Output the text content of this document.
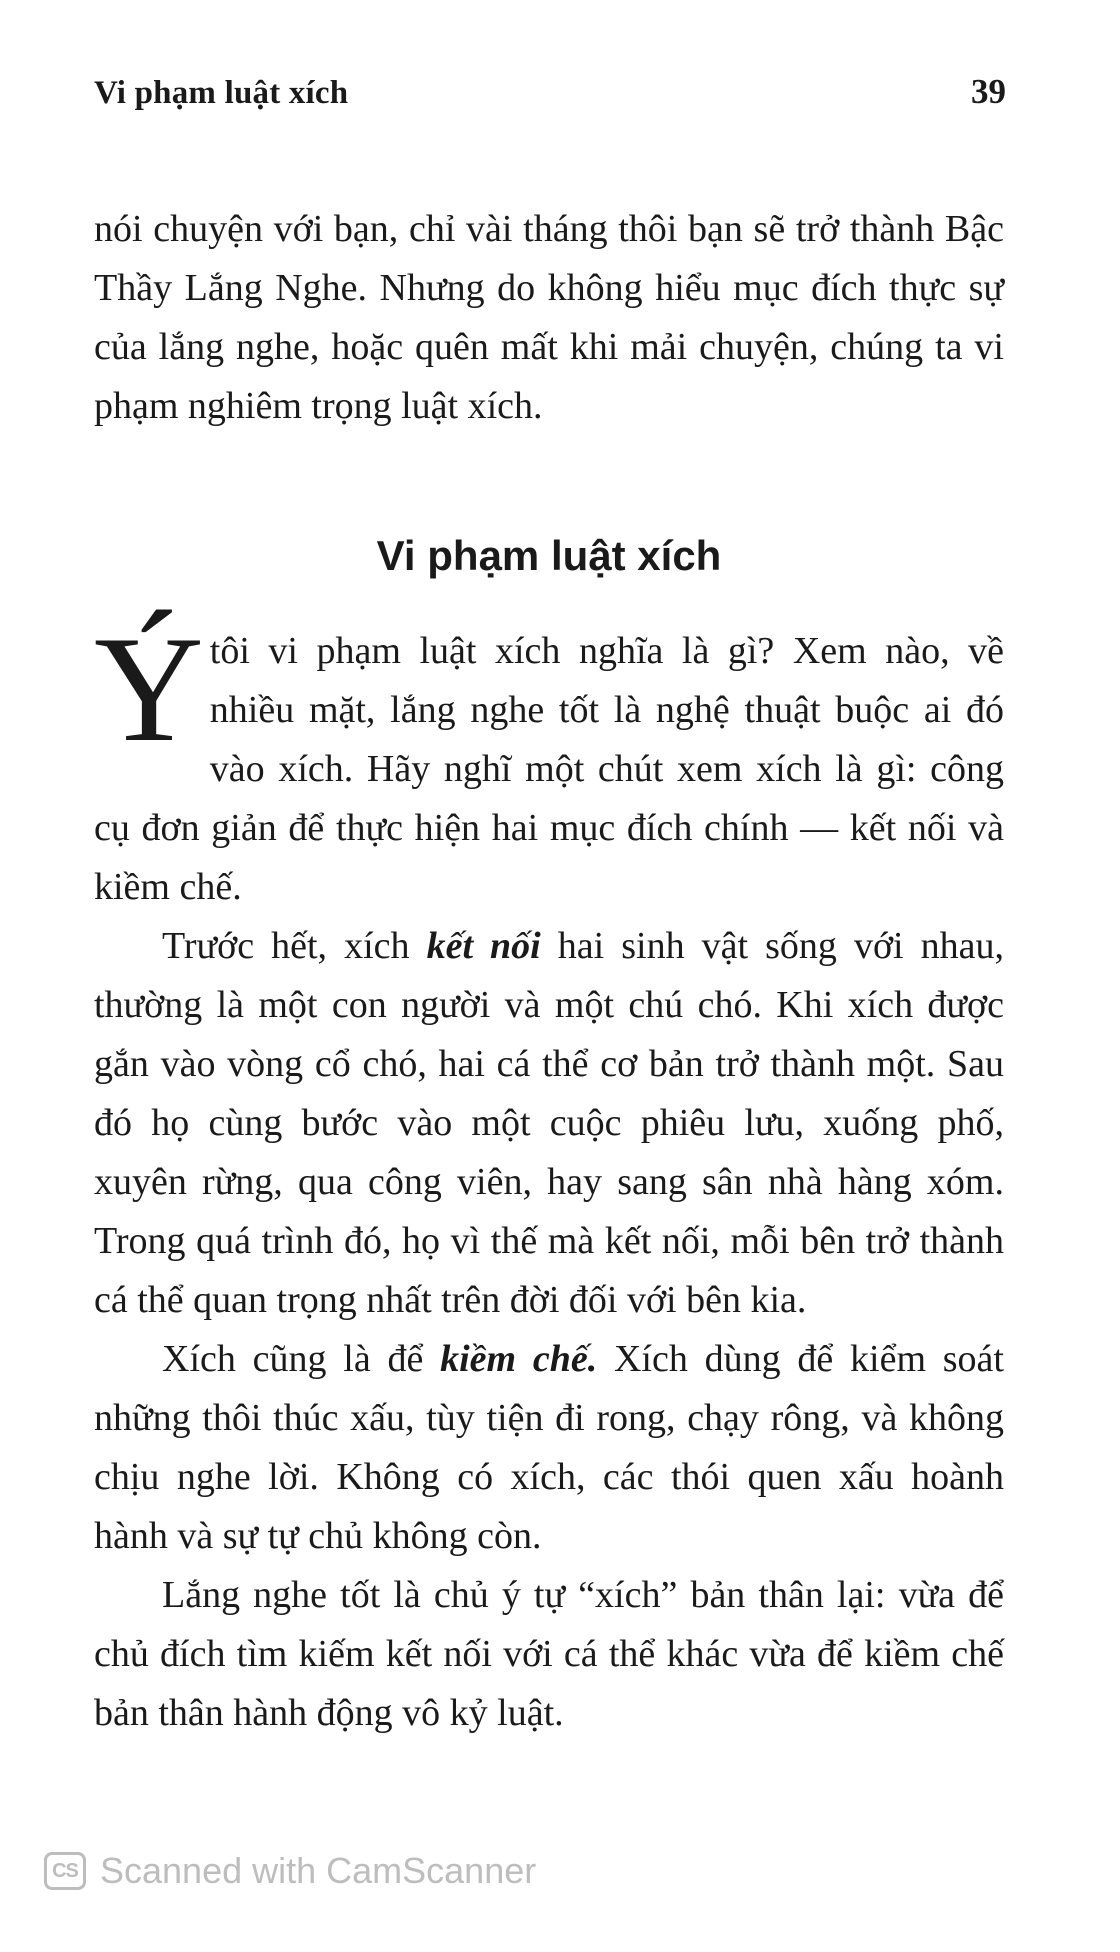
Vi phạm luật xích	39

nói chuyện với bạn, chỉ vài tháng thôi bạn sẽ trở thành Bậc Thầy Lắng Nghe. Nhưng do không hiểu mục đích thực sự của lắng nghe, hoặc quên mất khi mải chuyện, chúng ta vi phạm nghiêm trọng luật xích.

Vi phạm luật xích

Ýtôi vi phạm luật xích nghĩa là gì? Xem nào, về nhiều mặt, lắng nghe tốt là nghệ thuật buộc ai đó vào xích. Hãy nghĩ một chút xem xích là gì: công cụ đơn giản để thực hiện hai mục đích chính — kết nối và kiềm chế.

Trước hết, xích kết nối hai sinh vật sống với nhau, thường là một con người và một chú chó. Khi xích được gắn vào vòng cổ chó, hai cá thể cơ bản trở thành một. Sau đó họ cùng bước vào một cuộc phiêu lưu, xuống phố, xuyên rừng, qua công viên, hay sang sân nhà hàng xóm. Trong quá trình đó, họ vì thế mà kết nối, mỗi bên trở thành cá thể quan trọng nhất trên đời đối với bên kia.

Xích cũng là để kiềm chế. Xích dùng để kiểm soát những thôi thúc xấu, tùy tiện đi rong, chạy rông, và không chịu nghe lời. Không có xích, các thói quen xấu hoành hành và sự tự chủ không còn.

Lắng nghe tốt là chủ ý tự “xích” bản thân lại: vừa để chủ đích tìm kiếm kết nối với cá thể khác vừa để kiềm chế bản thân hành động vô kỷ luật.

CS Scanned with CamScanner
